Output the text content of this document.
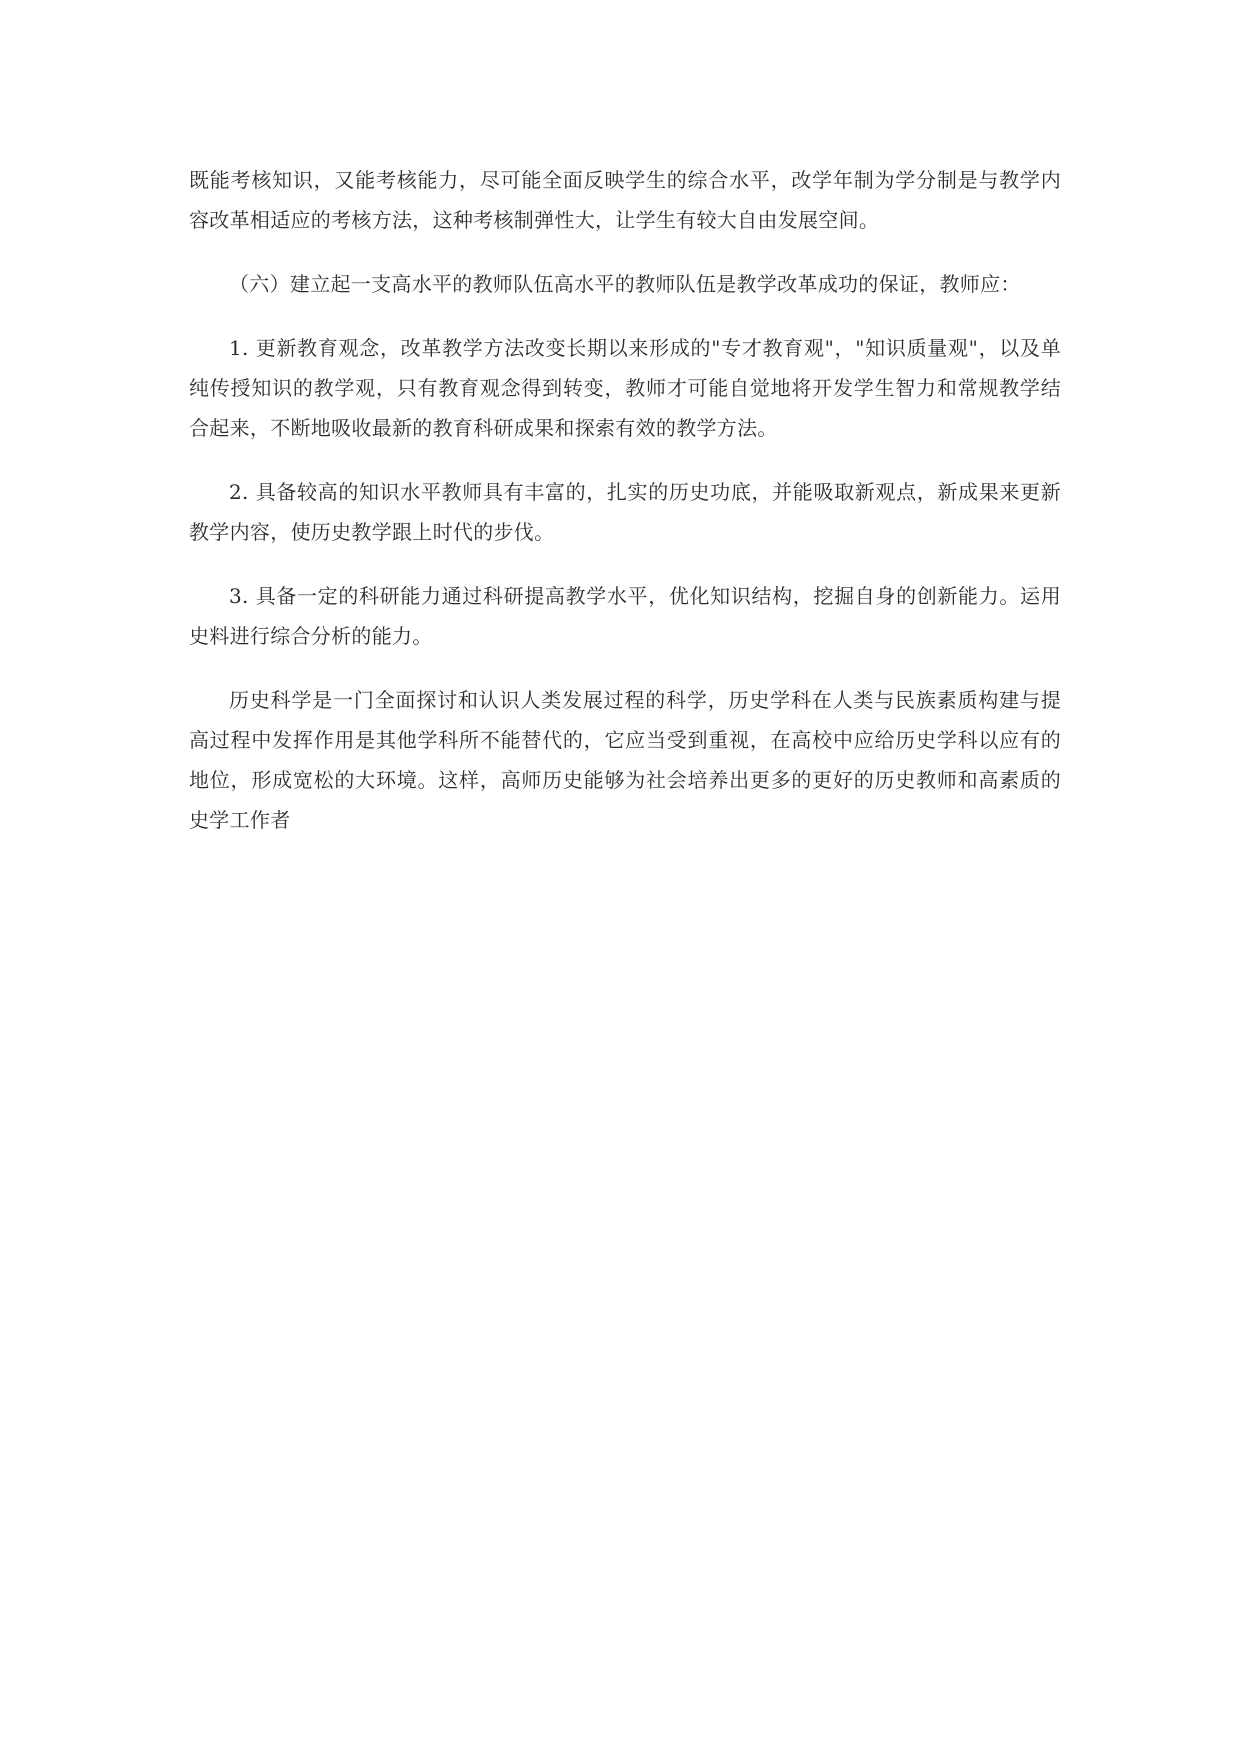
既能考核知识，又能考核能力，尽可能全面反映学生的综合水平，改学年制为学分制是与教学内容改革相适应的考核方法，这种考核制弹性大，让学生有较大自由发展空间。

（六）建立起一支高水平的教师队伍高水平的教师队伍是教学改革成功的保证，教师应：

1. 更新教育观念，改革教学方法改变长期以来形成的"专才教育观"，"知识质量观"，以及单纯传授知识的教学观，只有教育观念得到转变，教师才可能自觉地将开发学生智力和常规教学结合起来，不断地吸收最新的教育科研成果和探索有效的教学方法。

2. 具备较高的知识水平教师具有丰富的，扎实的历史功底，并能吸取新观点，新成果来更新教学内容，使历史教学跟上时代的步伐。

3. 具备一定的科研能力通过科研提高教学水平，优化知识结构，挖掘自身的创新能力。运用史料进行综合分析的能力。

历史科学是一门全面探讨和认识人类发展过程的科学，历史学科在人类与民族素质构建与提高过程中发挥作用是其他学科所不能替代的，它应当受到重视，在高校中应给历史学科以应有的地位，形成宽松的大环境。这样，高师历史能够为社会培养出更多的更好的历史教师和高素质的史学工作者
